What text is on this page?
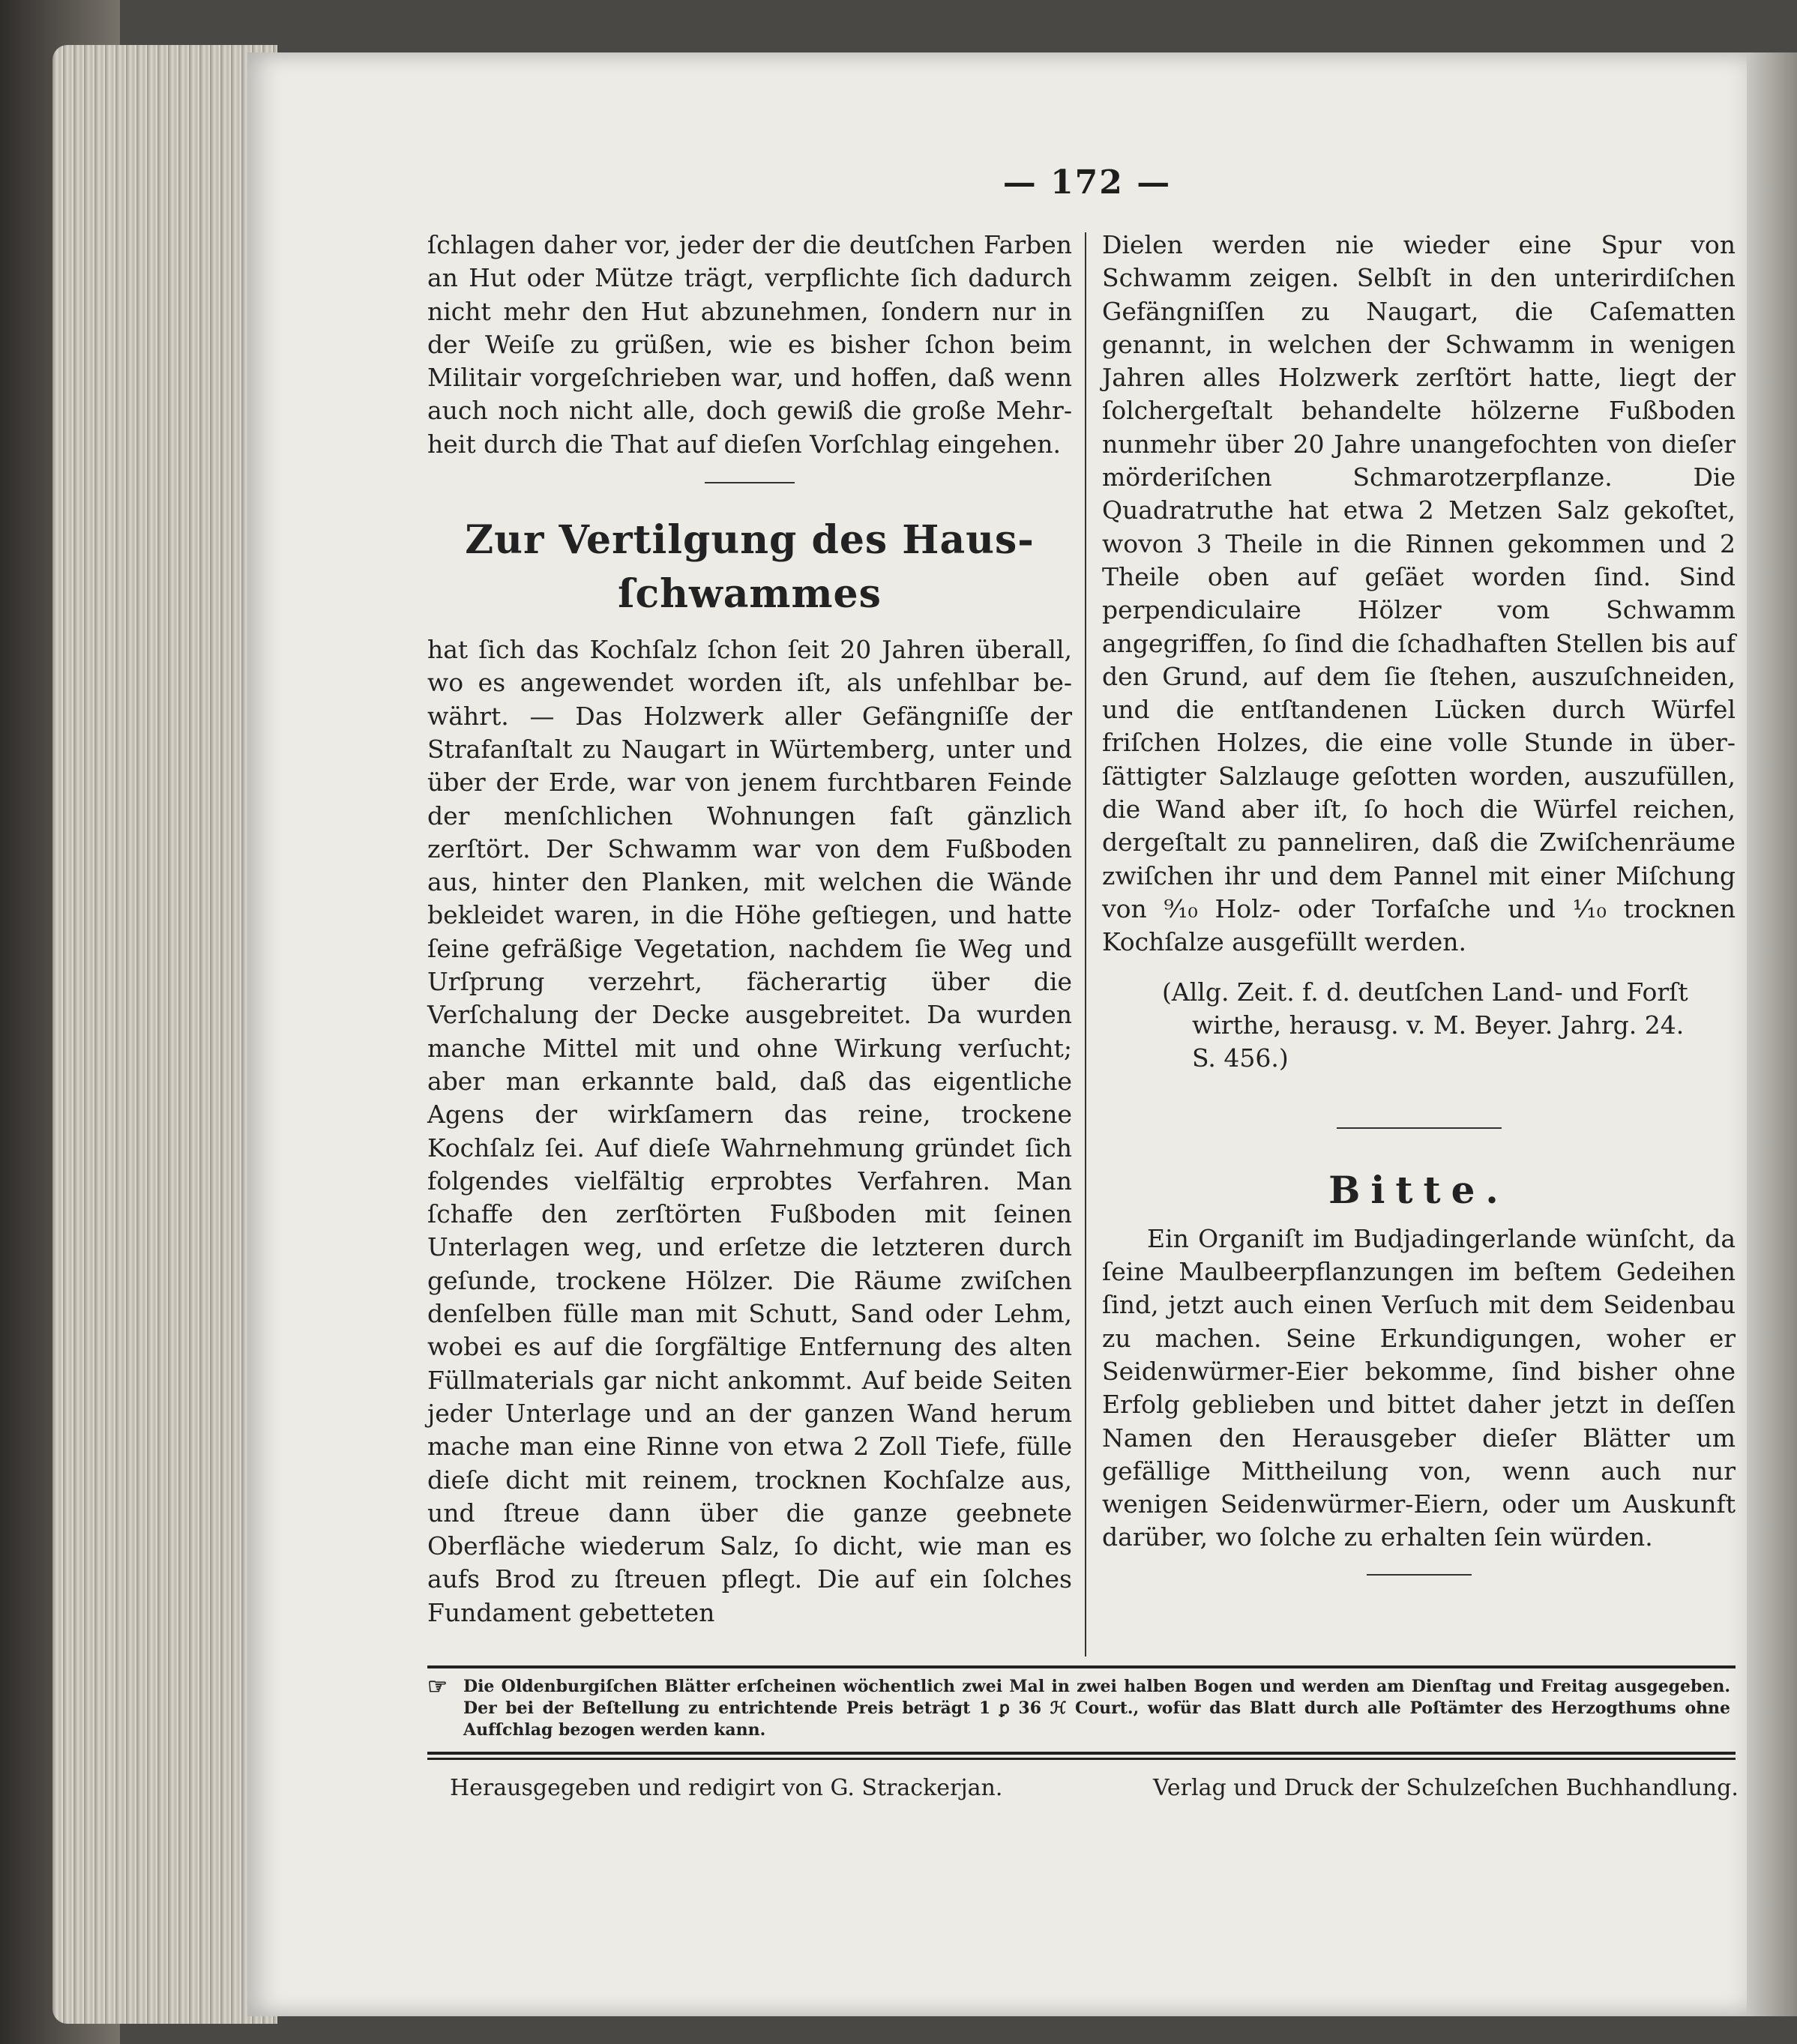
— 172 —

ſchlagen daher vor, jeder der die deutſchen Farben an Hut oder Mütze trägt, verpflichte ſich dadurch nicht mehr den Hut abzunehmen, ſondern nur in der Weiſe zu grüßen, wie es bisher ſchon beim Militair vorgeſchrieben war, und hoffen, daß wenn auch noch nicht alle, doch gewiß die große Mehrheit durch die That auf dieſen Vorſchlag eingehen.

Zur Vertilgung des Haus-

ſchwammes

hat ſich das Kochſalz ſchon ſeit 20 Jahren überall, wo es angewendet worden iſt, als unfehlbar bewährt. — Das Holzwerk aller Gefängniſſe der Strafanſtalt zu Naugart in Würtemberg, unter und über der Erde, war von jenem furchtbaren Feinde der menſchlichen Wohnungen faſt gänzlich zerſtört. Der Schwamm war von dem Fußboden aus, hinter den Planken, mit welchen die Wände bekleidet waren, in die Höhe geſtiegen, und hatte ſeine gefräßige Vegetation, nachdem ſie Weg und Urſprung verzehrt, fächerartig über die Verſchalung der Decke ausgebreitet. Da wurden manche Mittel mit und ohne Wirkung verſucht; aber man erkannte bald, daß das eigentliche Agens der wirkſamern das reine, trockene Kochſalz ſei. Auf dieſe Wahrnehmung gründet ſich folgendes vielfältig erprobtes Verfahren. Man ſchaffe den zerſtörten Fußboden mit ſeinen Unterlagen weg, und erſetze die letzteren durch geſunde, trockene Hölzer. Die Räume zwiſchen denſelben fülle man mit Schutt, Sand oder Lehm, wobei es auf die ſorgfältige Entfernung des alten Füllmaterials gar nicht ankommt. Auf beide Seiten jeder Unterlage und an der ganzen Wand herum mache man eine Rinne von etwa 2 Zoll Tiefe, fülle dieſe dicht mit reinem, trocknen Kochſalze aus, und ſtreue dann über die ganze geebnete Oberfläche wiederum Salz, ſo dicht, wie man es aufs Brod zu ſtreuen pflegt. Die auf ein ſolches Fundament gebetteten

Dielen werden nie wieder eine Spur von Schwamm zeigen. Selbſt in den unterirdiſchen Gefängniſſen zu Naugart, die Caſematten genannt, in welchen der Schwamm in wenigen Jahren alles Holzwerk zerſtört hatte, liegt der ſolchergeſtalt behandelte hölzerne Fußboden nunmehr über 20 Jahre unangefochten von dieſer mörderiſchen Schmarotzerpflanze. Die Quadratruthe hat etwa 2 Metzen Salz gekoſtet, wovon 3 Theile in die Rinnen gekommen und 2 Theile oben auf geſäet worden ſind. Sind perpendiculaire Hölzer vom Schwamm angegriffen, ſo ſind die ſchadhaften Stellen bis auf den Grund, auf dem ſie ſtehen, auszuſchneiden, und die entſtandenen Lücken durch Würfel friſchen Holzes, die eine volle Stunde in überſättigter Salzlauge geſotten worden, auszufüllen, die Wand aber iſt, ſo hoch die Würfel reichen, dergeſtalt zu panneliren, daß die Zwiſchenräume zwiſchen ihr und dem Pannel mit einer Miſchung von ⁹⁄₁₀ Holz- oder Torfaſche und ¹⁄₁₀ trocknen Kochſalze ausgefüllt werden.

(Allg. Zeit. f. d. deutſchen Land- und Forſt
wirthe, herausg. v. M. Beyer. Jahrg. 24.
S. 456.)

Bitte.

Ein Organiſt im Budjadingerlande wünſcht, da ſeine Maulbeerpflanzungen im beſtem Gedeihen ſind, jetzt auch einen Verſuch mit dem Seidenbau zu machen. Seine Erkundigungen, woher er Seidenwürmer-Eier bekomme, ſind bisher ohne Erfolg geblieben und bittet daher jetzt in deſſen Namen den Herausgeber dieſer Blätter um gefällige Mittheilung von, wenn auch nur wenigen Seidenwürmer-Eiern, oder um Auskunft darüber, wo ſolche zu erhalten ſein würden.

☞ Die Oldenburgiſchen Blätter erſcheinen wöchentlich zwei Mal in zwei halben Bogen und werden am Dienſtag und Freitag ausgegeben. Der bei der Beſtellung zu entrichtende Preis beträgt 1 ꝑ 36 ℋ Court., wofür das Blatt durch alle Poſtämter des Herzogthums ohne Aufſchlag bezogen werden kann.
Herausgegeben und redigirt von G. Strackerjan.	Verlag und Druck der Schulzeſchen Buchhandlung.
